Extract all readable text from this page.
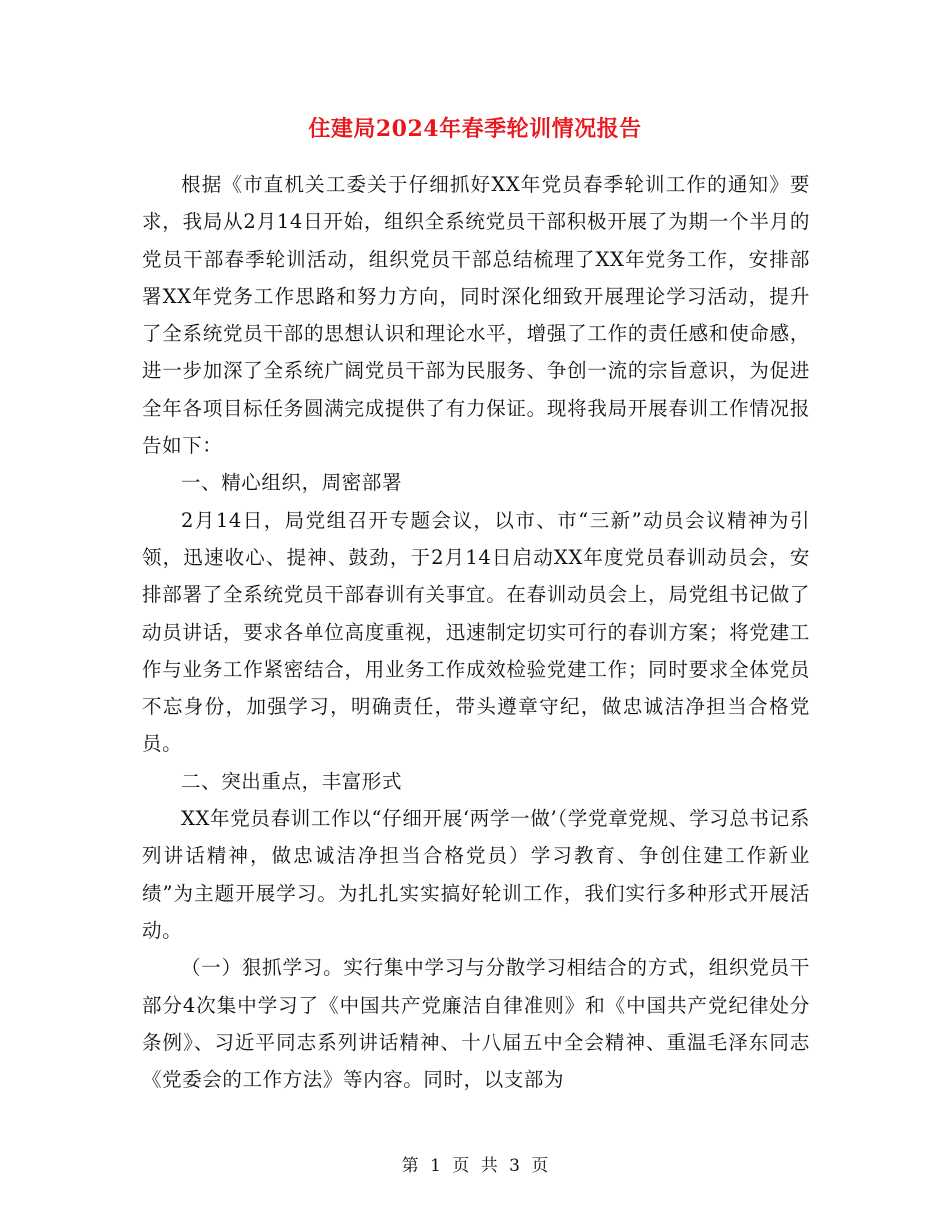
住建局2024年春季轮训情况报告

根据《市直机关工委关于仔细抓好XX年党员春季轮训工作的通知》要求，我局从2月14日开始，组织全系统党员干部积极开展了为期一个半月的党员干部春季轮训活动，组织党员干部总结梳理了XX年党务工作，安排部署XX年党务工作思路和努力方向，同时深化细致开展理论学习活动，提升了全系统党员干部的思想认识和理论水平，增强了工作的责任感和使命感，进一步加深了全系统广阔党员干部为民服务、争创一流的宗旨意识，为促进全年各项目标任务圆满完成提供了有力保证。现将我局开展春训工作情况报告如下：

一、精心组织，周密部署

2月14日，局党组召开专题会议，以市、市“三新”动员会议精神为引领，迅速收心、提神、鼓劲，于2月14日启动XX年度党员春训动员会，安排部署了全系统党员干部春训有关事宜。在春训动员会上，局党组书记做了动员讲话，要求各单位高度重视，迅速制定切实可行的春训方案；将党建工作与业务工作紧密结合，用业务工作成效检验党建工作；同时要求全体党员不忘身份，加强学习，明确责任，带头遵章守纪，做忠诚洁净担当合格党员。

二、突出重点，丰富形式

XX年党员春训工作以“仔细开展‘两学一做’（学党章党规、学习总书记系列讲话精神，做忠诚洁净担当合格党员）学习教育、争创住建工作新业绩”为主题开展学习。为扎扎实实搞好轮训工作，我们实行多种形式开展活动。

（一）狠抓学习。实行集中学习与分散学习相结合的方式，组织党员干部分4次集中学习了《中国共产党廉洁自律准则》和《中国共产党纪律处分条例》、习近平同志系列讲话精神、十八届五中全会精神、重温毛泽东同志《党委会的工作方法》等内容。同时，以支部为

第 1 页 共 3 页
